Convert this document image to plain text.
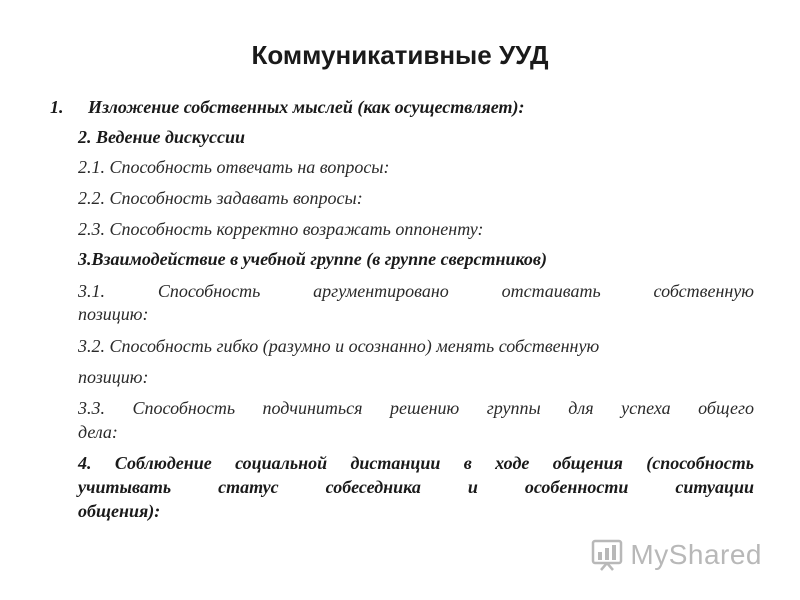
Коммуникативные УУД
1. Изложение собственных мыслей (как осуществляет):
2. Ведение дискуссии
2.1. Способность отвечать на вопросы:
2.2. Способность задавать вопросы:
2.3. Способность корректно возражать оппоненту:
3.Взаимодействие в учебной группе (в группе сверстников)
3.1. Способность аргументировано отстаивать собственную
позицию:
3.2. Способность гибко (разумно и осознанно) менять собственную
позицию:
3.3. Способность подчиниться решению группы для успеха общего
дела:
4. Соблюдение социальной дистанции в ходе общения (способность
учитывать статус собеседника и особенности ситуации
общения):
MyShared
